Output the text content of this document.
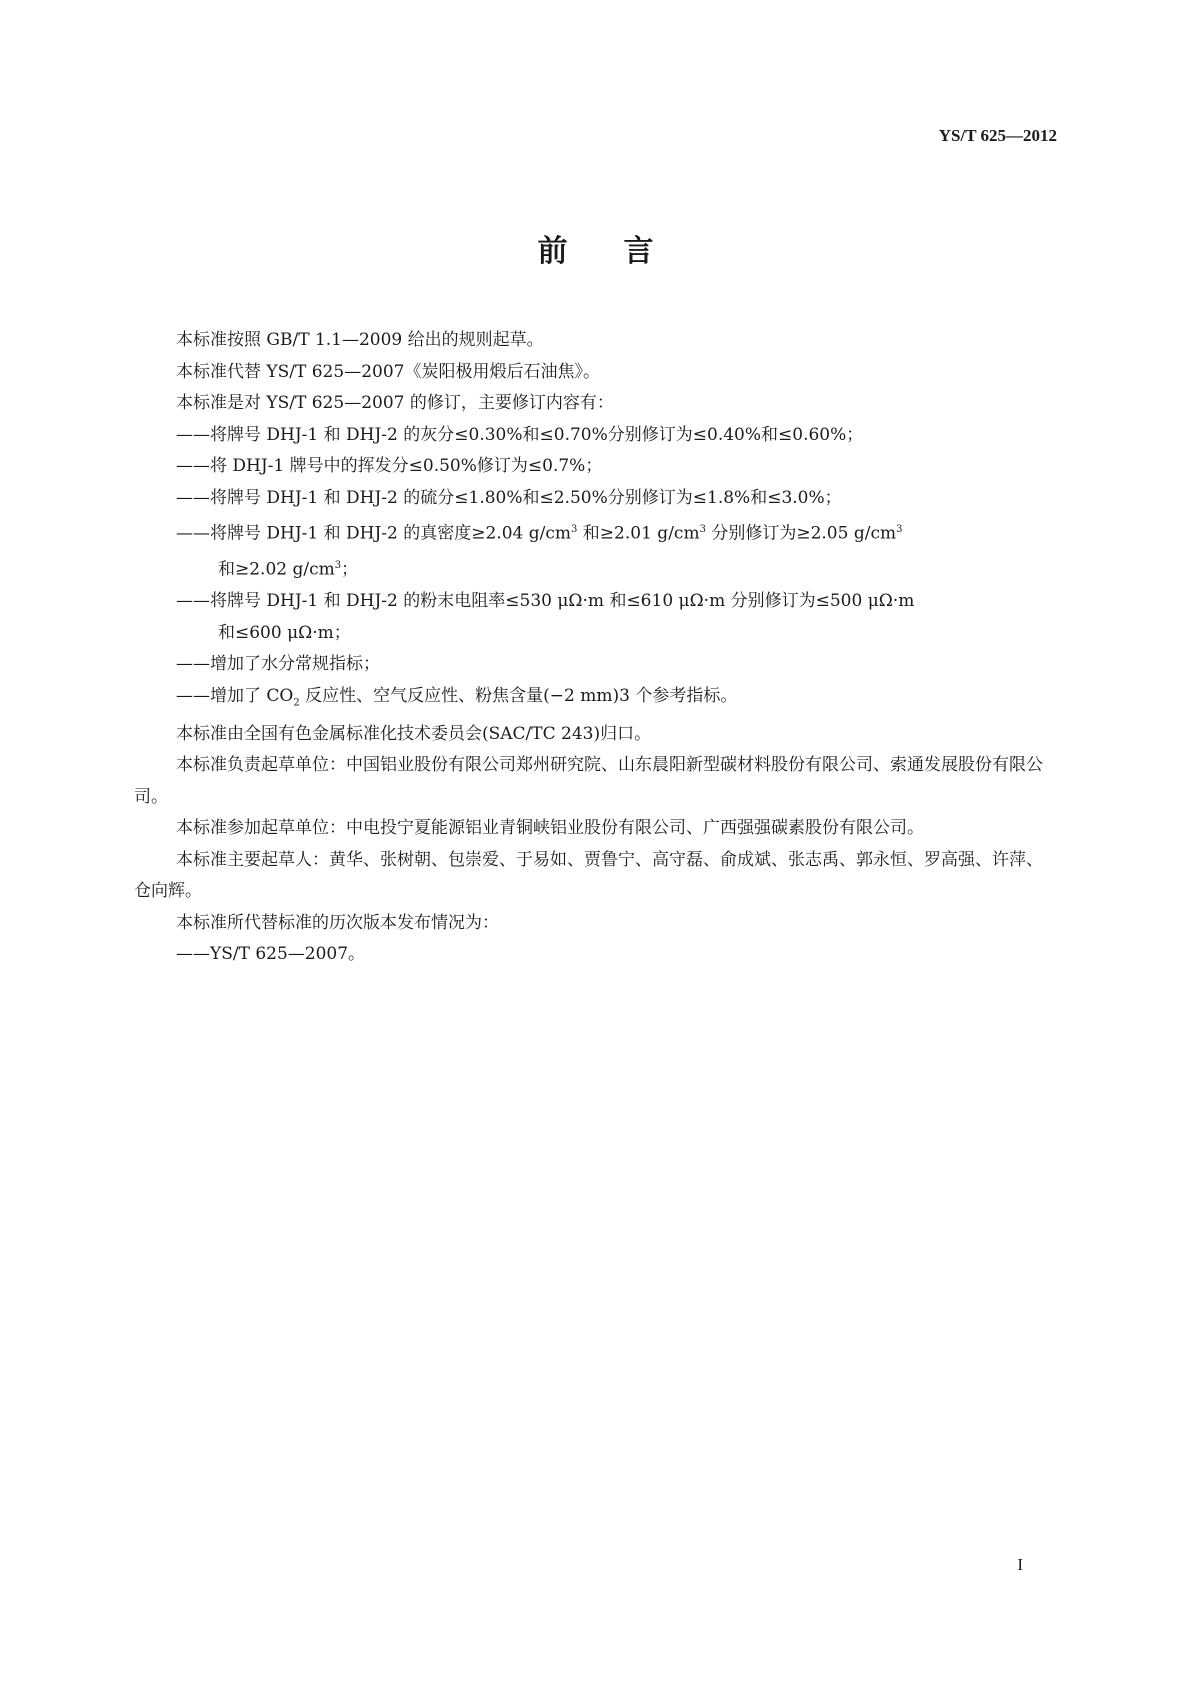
YS/T 625—2012
前言

本标准按照 GB/T 1.1—2009 给出的规则起草。

本标准代替 YS/T 625—2007《炭阳极用煅后石油焦》。

本标准是对 YS/T 625—2007 的修订，主要修订内容有：

——将牌号 DHJ-1 和 DHJ-2 的灰分≤0.30%和≤0.70%分别修订为≤0.40%和≤0.60%；

——将 DHJ-1 牌号中的挥发分≤0.50%修订为≤0.7%；

——将牌号 DHJ-1 和 DHJ-2 的硫分≤1.80%和≤2.50%分别修订为≤1.8%和≤3.0%；

——将牌号 DHJ-1 和 DHJ-2 的真密度≥2.04 $g/cm^3$ 和≥2.01 $g/cm^3$ 分别修订为≥2.05 $g/cm^3$
和≥2.02 $g/cm^3$；

——将牌号 DHJ-1 和 DHJ-2 的粉末电阻率≤530 μΩ·m 和≤610 μΩ·m 分别修订为≤500 μΩ·m
和≤600 μΩ·m；

——增加了水分常规指标；

——增加了 $CO_2$ 反应性、空气反应性、粉焦含量(−2 mm)3 个参考指标。

本标准由全国有色金属标准化技术委员会(SAC/TC 243)归口。

本标准负责起草单位：中国铝业股份有限公司郑州研究院、山东晨阳新型碳材料股份有限公司、索通发展股份有限公司。

本标准参加起草单位：中电投宁夏能源铝业青铜峡铝业股份有限公司、广西强强碳素股份有限公司。

本标准主要起草人：黄华、张树朝、包崇爱、于易如、贾鲁宁、高守磊、俞成斌、张志禹、郭永恒、罗高强、许萍、仓向辉。

本标准所代替标准的历次版本发布情况为：

——YS/T 625—2007。

I
